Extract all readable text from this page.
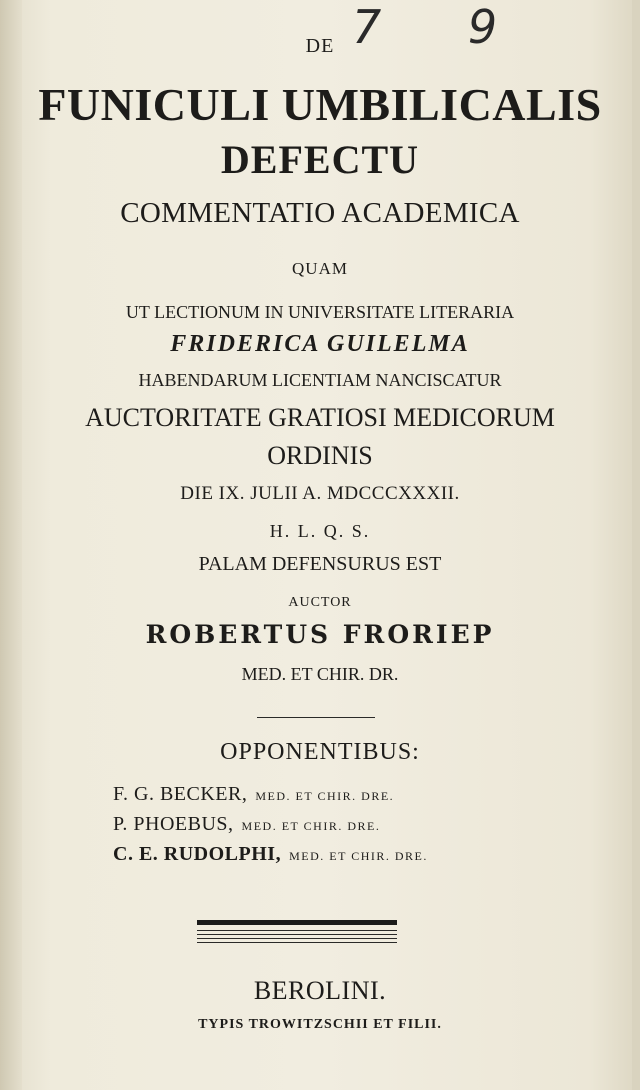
DE 7 9
FUNICULI UMBILICALIS
DEFECTU
COMMENTATIO ACADEMICA
QUAM
UT LECTIONUM IN UNIVERSITATE LITERARIA
FRIDERICA GUILELMA
HABENDARUM LICENTIAM NANCISCATUR
AUCTORITATE GRATIOSI MEDICORUM
ORDINIS
DIE IX. JULII A. MDCCCXXXII.
H. L. Q. S.
PALAM DEFENSURUS EST
AUCTOR
ROBERTUS FRORIEP
MED. ET CHIR. DR.
OPPONENTIBUS:
F. G. BECKER, MED. ET CHIR. DRE.
P. PHOEBUS, MED. ET CHIR. DRE.
C. E. RUDOLPHI, MED. ET CHIR. DRE.
BEROLINI.
TYPIS TROWITZSCHII ET FILII.
